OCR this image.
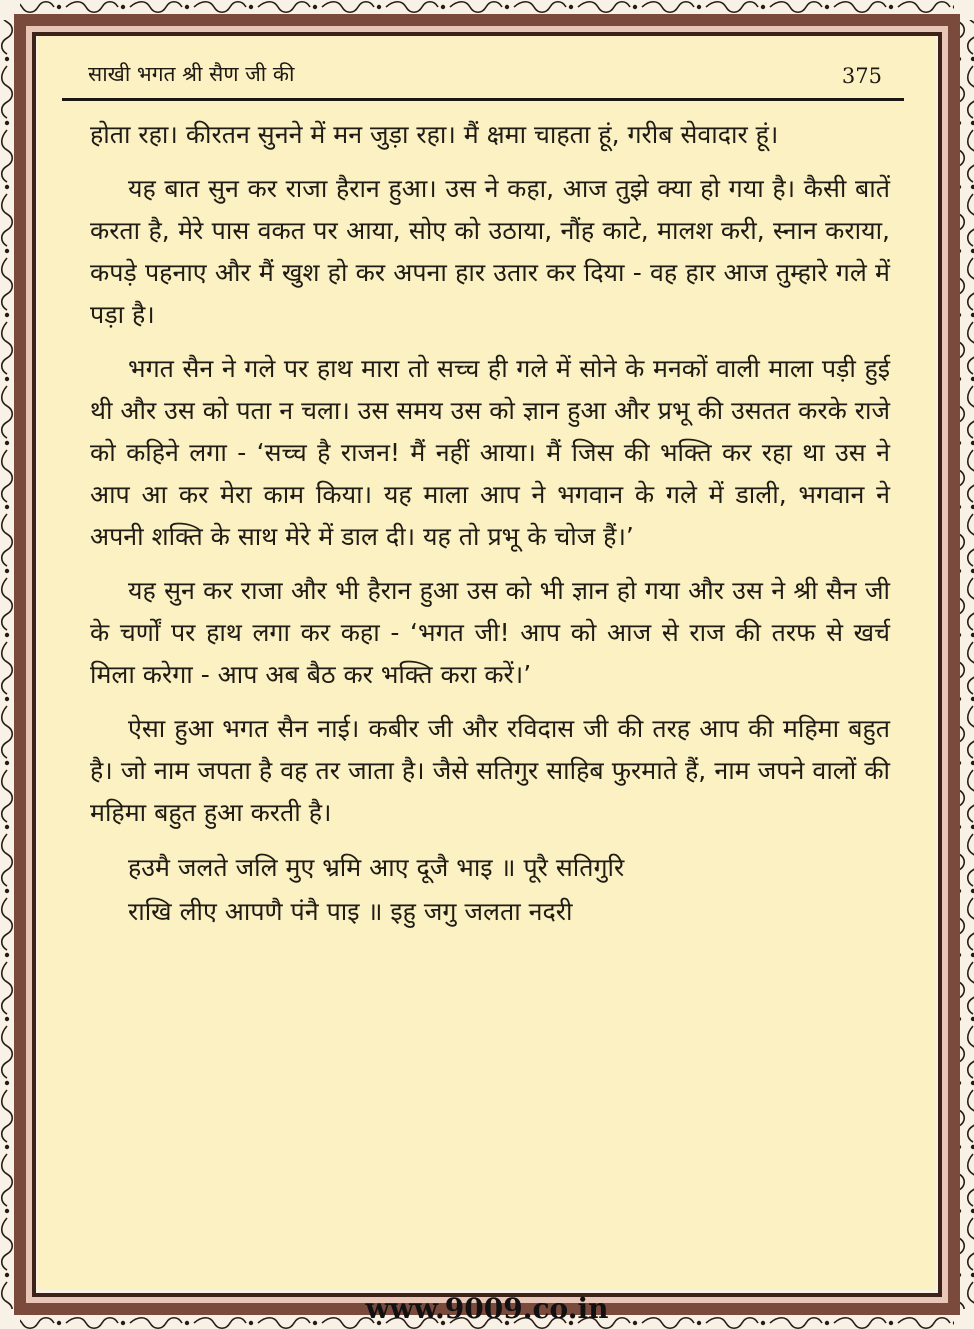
साखी भगत श्री सैण जी की	375

होता रहा। कीरतन सुनने में मन जुड़ा रहा। मैं क्षमा चाहता हूं, गरीब सेवादार हूं।

यह बात सुन कर राजा हैरान हुआ। उस ने कहा, आज तुझे क्या हो गया है। कैसी बातें करता है, मेरे पास वकत पर आया, सोए को उठाया, नौंह काटे, मालश करी, स्नान कराया, कपड़े पहनाए और मैं खुश हो कर अपना हार उतार कर दिया - वह हार आज तुम्हारे गले में पड़ा है।

भगत सैन ने गले पर हाथ मारा तो सच्च ही गले में सोने के मनकों वाली माला पड़ी हुई थी और उस को पता न चला। उस समय उस को ज्ञान हुआ और प्रभू की उसतत करके राजे को कहिने लगा - ‘सच्च है राजन! मैं नहीं आया। मैं जिस की भक्ति कर रहा था उस ने आप आ कर मेरा काम किया। यह माला आप ने भगवान के गले में डाली, भगवान ने अपनी शक्ति के साथ मेरे में डाल दी। यह तो प्रभू के चोज हैं।’

यह सुन कर राजा और भी हैरान हुआ उस को भी ज्ञान हो गया और उस ने श्री सैन जी के चर्णों पर हाथ लगा कर कहा - ‘भगत जी! आप को आज से राज की तरफ से खर्च मिला करेगा - आप अब बैठ कर भक्ति करा करें।’

ऐसा हुआ भगत सैन नाई। कबीर जी और रविदास जी की तरह आप की महिमा बहुत है। जो नाम जपता है वह तर जाता है। जैसे सतिगुर साहिब फुरमाते हैं, नाम जपने वालों की महिमा बहुत हुआ करती है।

हउमै जलते जलि मुए भ्रमि आए दूजै भाइ ॥ पूरै सतिगुरि
राखि लीए आपणै पंनै पाइ ॥ इहु जगु जलता नदरी
www.9009.co.in
